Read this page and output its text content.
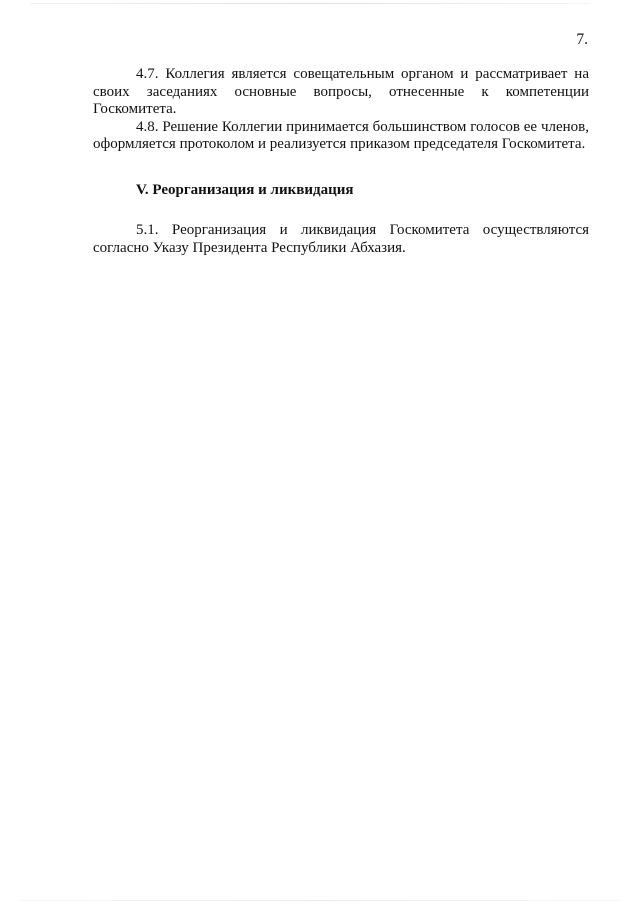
7.

4.7. Коллегия является совещательным органом и рассматривает на своих заседаниях основные вопросы, отнесенные к компетенции Госкомитета.

4.8. Решение Коллегии принимается большинством голосов ее членов, оформляется протоколом и реализуется приказом председателя Госкомитета.

V. Реорганизация и ликвидация

5.1. Реорганизация и ликвидация Госкомитета осуществляются согласно Указу Президента Республики Абхазия.
